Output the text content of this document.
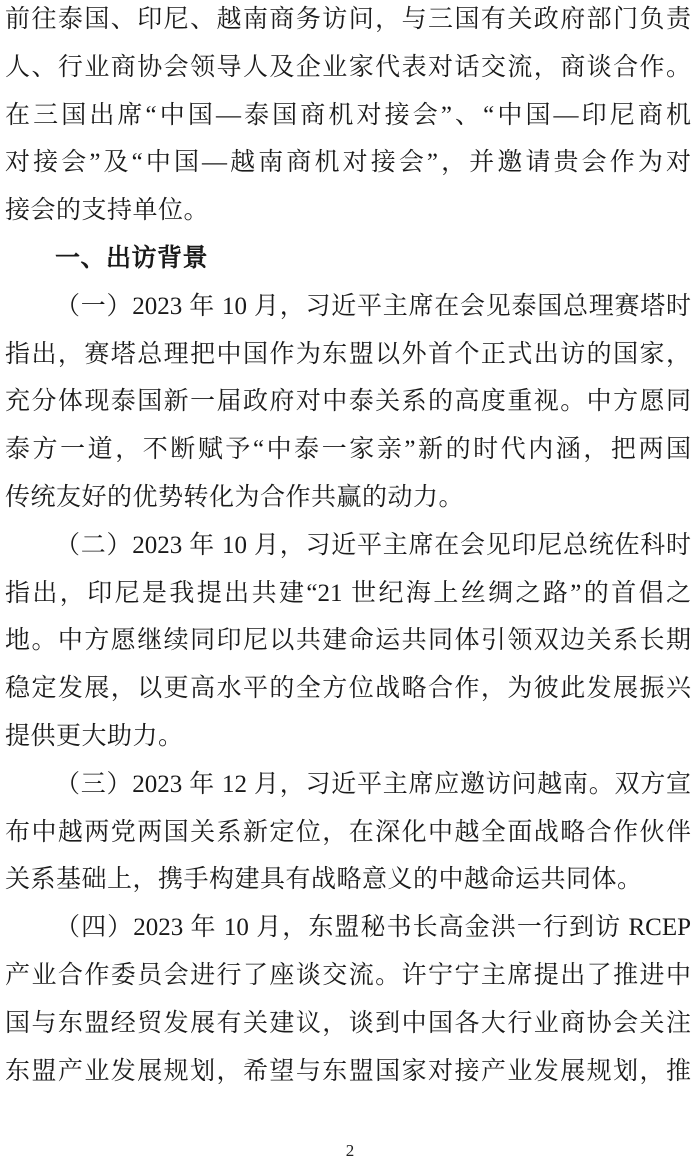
前往泰国、印尼、越南商务访问，与三国有关政府部门负责
人、行业商协会领导人及企业家代表对话交流，商谈合作。
在三国出席“中国—泰国商机对接会”、“中国—印尼商机
对接会”及“中国—越南商机对接会”，并邀请贵会作为对
接会的支持单位。
一、出访背景
（一）2023 年 10 月，习近平主席在会见泰国总理赛塔时
指出，赛塔总理把中国作为东盟以外首个正式出访的国家，
充分体现泰国新一届政府对中泰关系的高度重视。中方愿同
泰方一道，不断赋予“中泰一家亲”新的时代内涵，把两国
传统友好的优势转化为合作共赢的动力。
（二）2023 年 10 月，习近平主席在会见印尼总统佐科时
指出，印尼是我提出共建“21 世纪海上丝绸之路”的首倡之
地。中方愿继续同印尼以共建命运共同体引领双边关系长期
稳定发展，以更高水平的全方位战略合作，为彼此发展振兴
提供更大助力。
（三）2023 年 12 月，习近平主席应邀访问越南。双方宣
布中越两党两国关系新定位，在深化中越全面战略合作伙伴
关系基础上，携手构建具有战略意义的中越命运共同体。
（四）2023 年 10 月，东盟秘书长高金洪一行到访 RCEP
产业合作委员会进行了座谈交流。许宁宁主席提出了推进中
国与东盟经贸发展有关建议，谈到中国各大行业商协会关注
东盟产业发展规划，希望与东盟国家对接产业发展规划，推
2
